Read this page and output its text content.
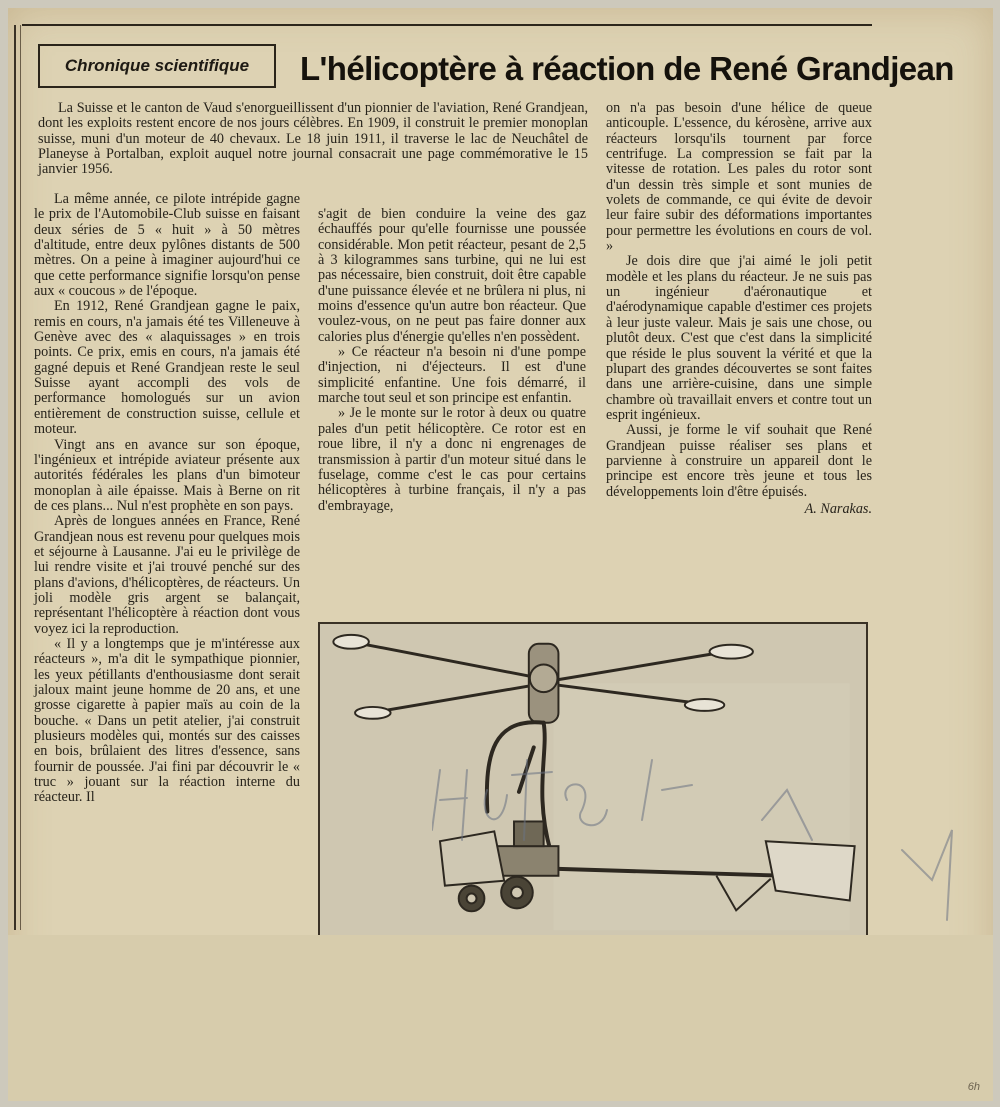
Chronique scientifique	L'hélicoptère à réaction de René Grandjean

La Suisse et le canton de Vaud s'enorgueillissent d'un pionnier de l'aviation, René Grandjean, dont les exploits restent encore de nos jours célèbres. En 1909, il construit le premier monoplan suisse, muni d'un moteur de 40 chevaux. Le 18 juin 1911, il traverse le lac de Neuchâtel de Planeyse à Portalban, exploit auquel notre journal consacrait une page commémorative le 15 janvier 1956.

La même année, ce pilote intrépide gagne le prix de l'Automobile-Club suisse en faisant deux séries de 5 « huit » à 50 mètres d'altitude, entre deux pylônes distants de 500 mètres. On a peine à imaginer aujourd'hui ce que cette performance signifie lorsqu'on pense aux « coucous » de l'époque.

En 1912, René Grandjean gagne le paix, remis en cours, n'a jamais été tes Villeneuve à Genève avec des « alaquissages » en trois points. Ce prix, emis en cours, n'a jamais été gagné depuis et René Grandjean reste le seul Suisse ayant accompli des vols de performance homologués sur un avion entièrement de construction suisse, cellule et moteur.

Vingt ans en avance sur son époque, l'ingénieux et intrépide aviateur présente aux autorités fédérales les plans d'un bimoteur monoplan à aile épaisse. Mais à Berne on rit de ces plans... Nul n'est prophète en son pays.

Après de longues années en France, René Grandjean nous est revenu pour quelques mois et séjourne à Lausanne. J'ai eu le privilège de lui rendre visite et j'ai trouvé penché sur des plans d'avions, d'hélicoptères, de réacteurs. Un joli modèle gris argent se balançait, représentant l'hélicoptère à réaction dont vous voyez ici la reproduction.

« Il y a longtemps que je m'intéresse aux réacteurs », m'a dit le sympathique pionnier, les yeux pétillants d'enthousiasme dont serait jaloux maint jeune homme de 20 ans, et une grosse cigarette à papier maïs au coin de la bouche. « Dans un petit atelier, j'ai construit plusieurs modèles qui, montés sur des caisses en bois, brûlaient des litres d'essence, sans fournir de poussée. J'ai fini par découvrir le « truc » jouant sur la réaction interne du réacteur. Il

s'agit de bien conduire la veine des gaz échauffés pour qu'elle fournisse une poussée considérable. Mon petit réacteur, pesant de 2,5 à 3 kilogrammes sans turbine, qui ne lui est pas nécessaire, bien construit, doit être capable d'une puissance élevée et ne brûlera ni plus, ni moins d'essence qu'un autre bon réacteur. Que voulez-vous, on ne peut pas faire donner aux calories plus d'énergie qu'elles n'en possèdent.

» Ce réacteur n'a besoin ni d'une pompe d'injection, ni d'éjecteurs. Il est d'une simplicité enfantine. Une fois démarré, il marche tout seul et son principe est enfantin.

» Je le monte sur le rotor à deux ou quatre pales d'un petit hélicoptère. Ce rotor est en roue libre, il n'y a donc ni engrenages de transmission à partir d'un moteur situé dans le fuselage, comme c'est le cas pour certains hélicoptères à turbine français, il n'y a pas d'embrayage,

on n'a pas besoin d'une hélice de queue anticouple. L'essence, du kérosène, arrive aux réacteurs lorsqu'ils tournent par force centrifuge. La compression se fait par la vitesse de rotation. Les pales du rotor sont d'un dessin très simple et sont munies de volets de commande, ce qui évite de devoir leur faire subir des déformations importantes pour permettre les évolutions en cours de vol. »

Je dois dire que j'ai aimé le joli petit modèle et les plans du réacteur. Je ne suis pas un ingénieur d'aéronautique et d'aérodynamique capable d'estimer ces projets à leur juste valeur. Mais je sais une chose, ou plutôt deux. C'est que c'est dans la simplicité que réside le plus souvent la vérité et que la plupart des grandes découvertes se sont faites dans une arrière-cuisine, dans une simple chambre où travaillait envers et contre tout un esprit ingénieux.

Aussi, je forme le vif souhait que René Grandjean puisse réaliser ses plans et parvienne à construire un appareil dont le principe est encore très jeune et tous les développements loin d'être épuisés.

A. Narakas.

6h
